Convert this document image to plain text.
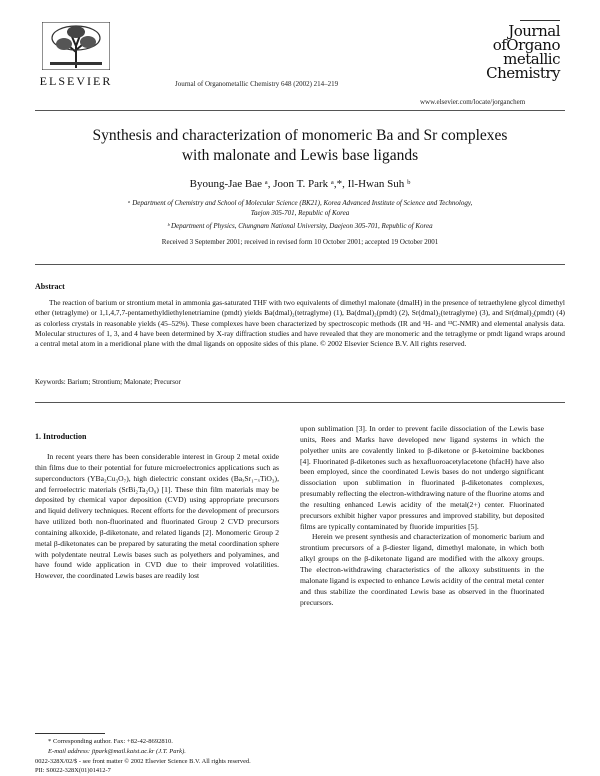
ELSEVIER	Journal of Organometallic Chemistry 648 (2002) 214–219
Journal
ofOrgano
metallic
Chemistry
www.elsevier.com/locate/jorganchem
Synthesis and characterization of monomeric Ba and Sr complexes
with malonate and Lewis base ligands
Byoung-Jae Bae ᵃ, Joon T. Park ᵃ,*, Il-Hwan Suh ᵇ
ᵃ Department of Chemistry and School of Molecular Science (BK21), Korea Advanced Institute of Science and Technology,
Taejon 305-701, Republic of Korea
ᵇ Department of Physics, Chungnam National University, Daejeon 305-701, Republic of Korea
Received 3 September 2001; received in revised form 10 October 2001; accepted 19 October 2001
Abstract
The reaction of barium or strontium metal in ammonia gas-saturated THF with two equivalents of dimethyl malonate (dmalH) in the presence of tetraethylene glycol dimethyl ether (tetraglyme) or 1,1,4,7,7-pentamethyldiethylenetriamine (pmdt) yields Ba(dmal)₂(tetraglyme) (1), Ba(dmal)₂(pmdt) (2), Sr(dmal)₂(tetraglyme) (3), and Sr(dmal)₂(pmdt) (4) as colorless crystals in reasonable yields (45–52%). These complexes have been characterized by spectroscopic methods (IR and ¹H- and ¹³C-NMR) and elemental analysis data. Molecular structures of 1, 3, and 4 have been determined by X-ray diffraction studies and have revealed that they are monomeric and the tetraglyme or pmdt ligand wraps around a central metal atom in a meridional plane with the dmal ligands on opposite sides of this plane. © 2002 Elsevier Science B.V. All rights reserved.
Keywords: Barium; Strontium; Malonate; Precursor
1. Introduction
In recent years there has been considerable interest in Group 2 metal oxide thin films due to their potential for future microelectronics applications such as superconductors (YBa₂Cu₃O₇), high dielectric constant oxides (BaₓSr₁₋ₓTiO₃), and ferroelectric materials (SrBi₂Ta₂O₉) [1]. These thin film materials may be deposited by chemical vapor deposition (CVD) using appropriate precursors and liquid delivery techniques. Recent efforts for the development of precursors have utilized both non-fluorinated and fluorinated Group 2 CVD precursors containing alkoxide, β-diketonate, and related ligands [2]. Monomeric Group 2 metal β-diketonates can be prepared by saturating the metal coordination sphere with polydentate neutral Lewis bases such as polyethers and polyamines, and have found wide application in CVD due to their improved volatilities. However, the coordinated Lewis bases are readily lost

upon sublimation [3]. In order to prevent facile dissociation of the Lewis base units, Rees and Marks have developed new ligand systems in which the polyether units are covalently linked to β-diketone or β-ketoimine backbones [4]. Fluorinated β-diketones such as hexafluoroacetylacetone (hfacH) have also been employed, since the coordinated Lewis bases do not undergo significant dissociation upon sublimation in fluorinated β-diketonates complexes, presumably reflecting the electron-withdrawing nature of the fluorine atoms and the resulting enhanced Lewis acidity of the metal(2+) center. Fluorinated precursors exhibit higher vapor pressures and improved stability, but deposited films are typically contaminated by fluoride impurities [5].

Herein we present synthesis and characterization of monomeric barium and strontium precursors of a β-diester ligand, dimethyl malonate, in which both alkyl groups on the β-diketonate ligand are modified with the alkoxy groups. The electron-withdrawing characteristics of the alkoxy substituents in the malonate ligand is expected to enhance Lewis acidity of the central metal center and thus stabilize the coordinated Lewis base as observed in the fluorinated precursors.

* Corresponding author. Fax: +82-42-8692810.
E-mail address: jtpark@mail.kaist.ac.kr (J.T. Park).
0022-328X/02/$ - see front matter © 2002 Elsevier Science B.V. All rights reserved.
PII: S0022-328X(01)01412-7
